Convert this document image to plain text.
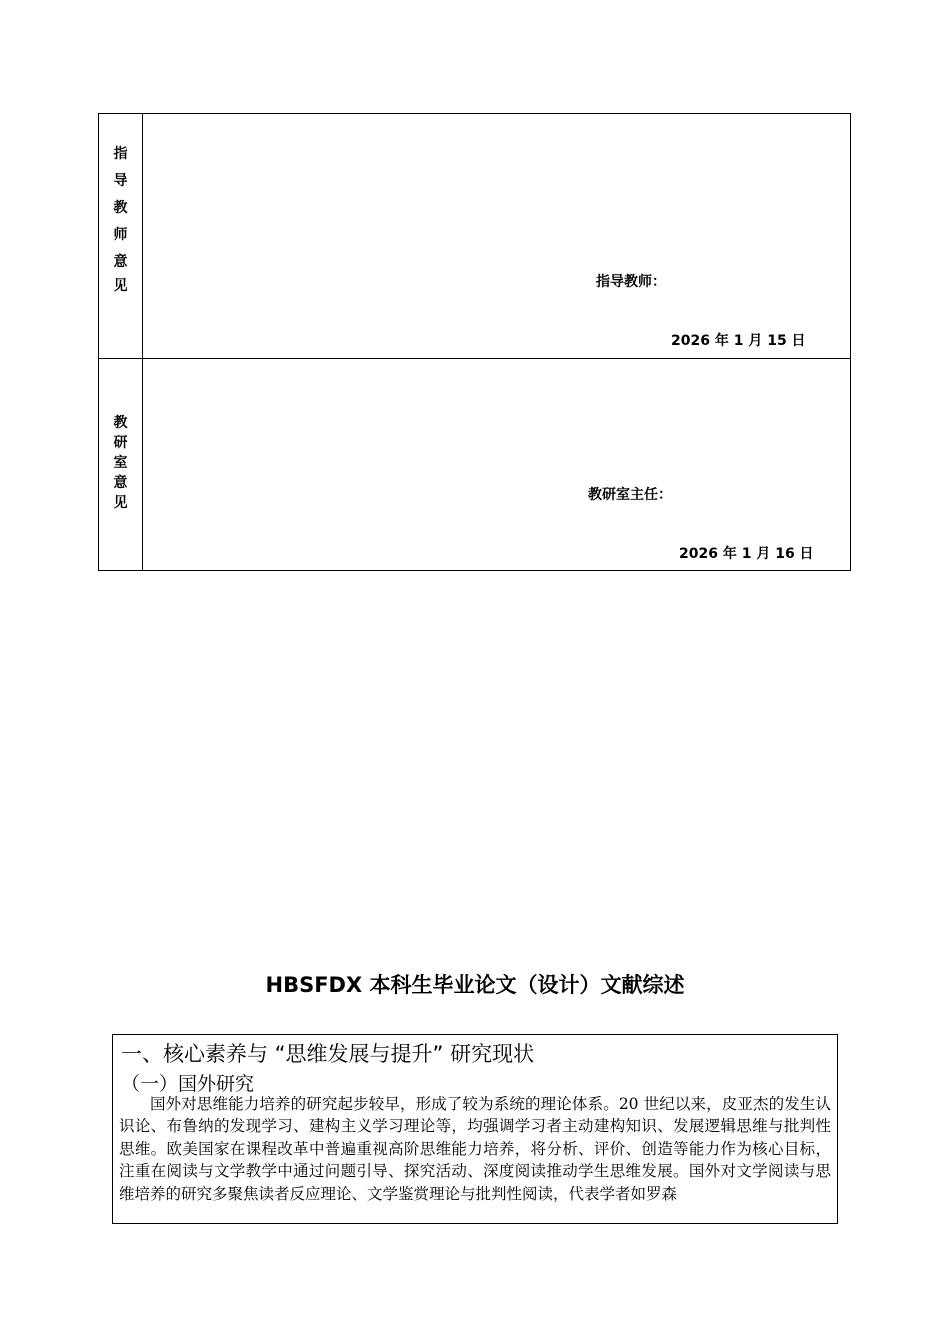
指
导
教
师
意
见	指导教师：
2026 年 1 月 15 日
教
研
室
意
见	教研室主任：
2026 年 1 月 16 日
HBSFDX 本科生毕业论文（设计）文献综述
一、核心素养与 “思维发展与提升” 研究现状
（一）国外研究
国外对思维能力培养的研究起步较早，形成了较为系统的理论体系。20 世纪以来，皮亚杰的发生认识论、布鲁纳的发现学习、建构主义学习理论等，均强调学习者主动建构知识、发展逻辑思维与批判性思维。欧美国家在课程改革中普遍重视高阶思维能力培养，将分析、评价、创造等能力作为核心目标，注重在阅读与文学教学中通过问题引导、探究活动、深度阅读推动学生思维发展。国外对文学阅读与思维培养的研究多聚焦读者反应理论、文学鉴赏理论与批判性阅读，代表学者如罗森
